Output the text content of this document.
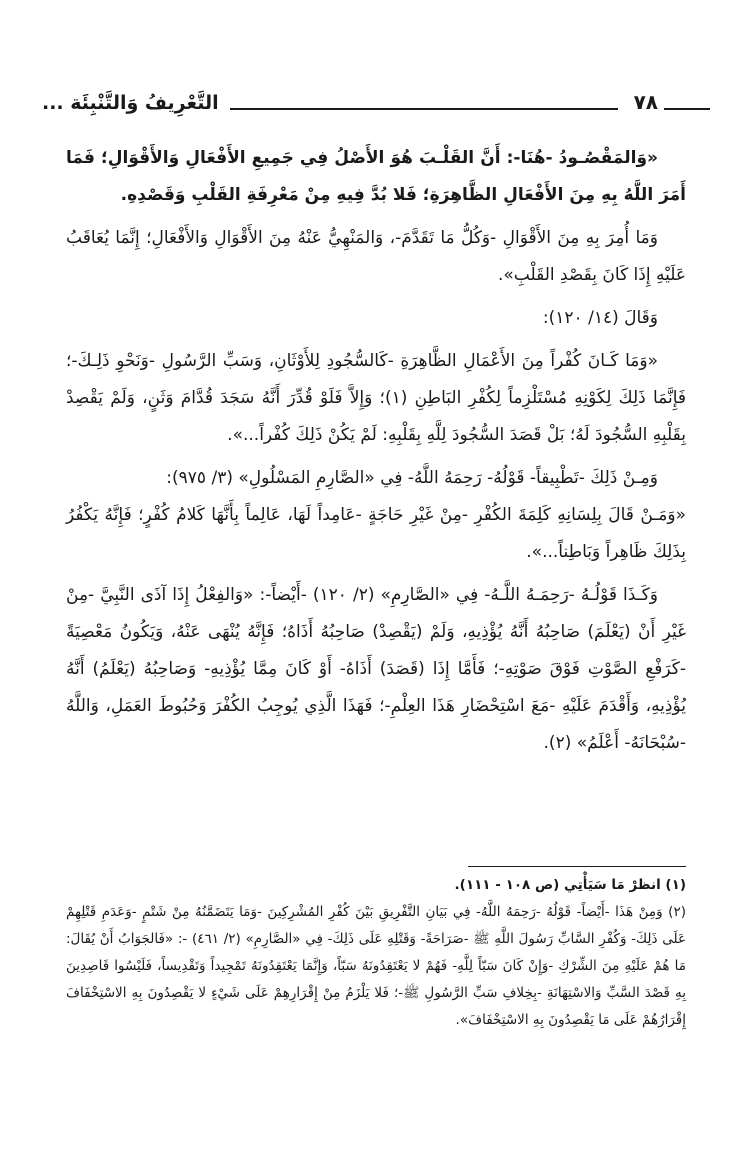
التَّعْرِيفُ وَالتَّنْبِئَة ...	٧٨

«وَالمَقْصُـودُ -هُنَا-: أَنَّ القَلْـبَ هُوَ الأَصْلُ فِي جَمِيعِ الأَفْعَالِ وَالأَقْوَالِ؛ فَمَا أَمَرَ اللَّهُ بِهِ مِنَ الأَفْعَالِ الظَّاهِرَةِ؛ فَلا بُدَّ فِيهِ مِنْ مَعْرِفَةِ القَلْبِ وَقَصْدِهِ.

وَمَا أُمِرَ بِهِ مِنَ الأَقْوَالِ -وَكُلُّ مَا تَقَدَّمَ-، وَالمَنْهِيُّ عَنْهُ مِنَ الأَقْوَالِ وَالأَفْعَالِ؛ إِنَّمَا يُعَاقَبُ عَلَيْهِ إِذَا كَانَ بِقَصْدِ القَلْبِ».

وَقَالَ (١٤/ ١٢٠):

«وَمَا كَـانَ كُفْراً مِنَ الأَعْمَالِ الظَّاهِرَةِ -كَالسُّجُودِ لِلأَوْثَانِ، وَسَبِّ الرَّسُولِ -وَنَحْوِ ذَلِـكَ-؛ فَإِنَّمَا ذَلِكَ لِكَوْنِهِ مُسْتَلْزِماً لِكُفْرِ البَاطِنِ (١)؛ وَإِلاَّ فَلَوْ قُدِّرَ أَنَّهُ سَجَدَ قُدَّامَ وَثَنٍ، وَلَمْ يَقْصِدْ بِقَلْبِهِ السُّجُودَ لَهُ؛ بَلْ قَصَدَ السُّجُودَ لِلَّهِ بِقَلْبِهِ: لَمْ يَكُنْ ذَلِكَ كُفْراً...».

وَمِـنْ ذَلِكَ -تَطْبِيقاً- قَوْلُهُ- رَحِمَهُ اللَّهُ- فِي «الصَّارِمِ المَسْلُولِ» (٣/ ٩٧٥):

«وَمَـنْ قَالَ بِلِسَانِهِ كَلِمَةَ الكُفْرِ -مِنْ غَيْرِ حَاجَةٍ -عَامِداً لَهَا، عَالِماً بِأَنَّهَا كَلامُ كُفْرٍ؛ فَإِنَّهُ يَكْفُرُ بِذَلِكَ ظَاهِراً وَبَاطِناً...».

وَكَـذَا قَوْلُـهُ -رَحِمَـهُ اللَّـهُ- فِي «الصَّارِمِ» (٢/ ١٢٠) -أَيْضاً-: «وَالفِعْلُ إِذَا آذَى النَّبِيَّ -مِنْ غَيْرِ أَنْ (يَعْلَمَ) صَاحِبُهُ أَنَّهُ يُؤْذِيهِ، وَلَمْ (يَقْصِدْ) صَاحِبُهُ أَذَاهُ؛ فَإِنَّهُ يُنْهَى عَنْهُ، وَيَكُونُ مَعْصِيَةً -كَرَفْعِ الصَّوْتِ فَوْقَ صَوْتِهِ-؛ فَأَمَّا إِذَا (قَصَدَ) أَذَاهُ- أَوْ كَانَ مِمَّا يُؤْذِيهِ- وَصَاحِبُهُ (يَعْلَمُ) أَنَّهُ يُؤْذِيهِ، وَأَقْدَمَ عَلَيْهِ -مَعَ اسْتِحْضَارِ هَذَا العِلْمِ-؛ فَهَذَا الَّذِي يُوجِبُ الكُفْرَ وَحُبُوطَ العَمَلِ، وَاللَّهُ -سُبْحَانَهُ- أَعْلَمُ» (٢).

(١) انظرْ مَا سَيَأْتِي (ص ١٠٨ - ١١١).

(٢) وَمِنْ هَذَا -أَيْضاً- قَوْلُهُ -رَحِمَهُ اللَّهُ- فِي بَيَانِ التَّفْرِيقِ بَيْنَ كُفْرِ المُشْرِكِينَ -وَمَا يَتَضَمَّنُهُ مِنْ شَتْمٍ -وَعَدَمِ قَتْلِهِمْ عَلَى ذَلِكَ- وَكُفْرِ السَّابِّ رَسُولَ اللَّهِ ﷺ -صَرَاحَةً- وَقَتْلِهِ عَلَى ذَلِكَ- فِي «الصَّارِمِ» (٢/ ٤٦١) -: «فَالجَوَابُ أَنْ يُقَالَ: مَا هُمْ عَلَيْهِ مِنَ الشِّرْكِ -وَإِنْ كَانَ سَبّاً لِلَّهِ- فَهُمْ لا يَعْتَقِدُونَهُ سَبّاً، وَإِنَّمَا يَعْتَقِدُونَهُ تَمْجِيداً وَتَقْدِيساً، فَلَيْسُوا قَاصِدِينَ بِهِ قَصْدَ السَّبِّ وَالاسْتِهَانَةِ -بِخِلافِ سَبِّ الرَّسُولِ ﷺ-؛ فَلا يَلْزَمُ مِنْ إِقْرَارِهِمْ عَلَى شَيْءٍ لا يَقْصِدُونَ بِهِ الاسْتِخْفَافَ إِقْرَارُهُمْ عَلَى مَا يَقْصِدُونَ بِهِ الاسْتِخْفَافَ».
